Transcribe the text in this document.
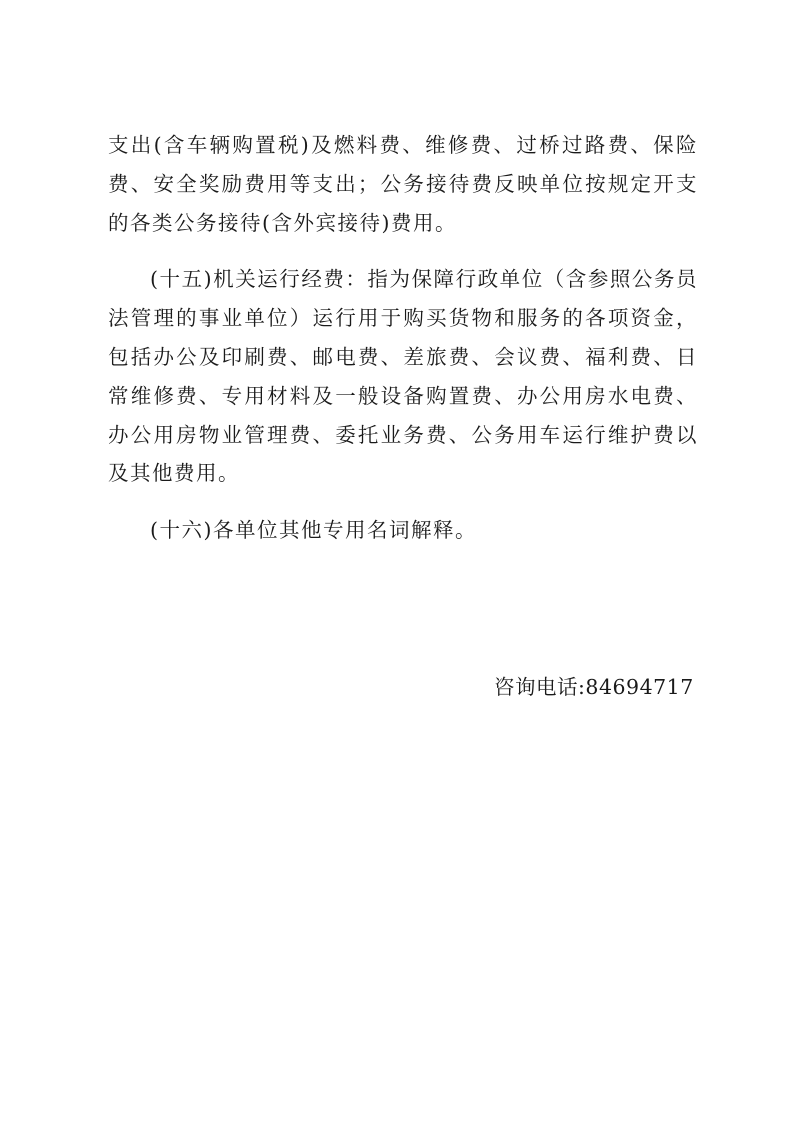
支出(含车辆购置税)及燃料费、维修费、过桥过路费、保险费、安全奖励费用等支出；公务接待费反映单位按规定开支的各类公务接待(含外宾接待)费用。

(十五)机关运行经费：指为保障行政单位（含参照公务员法管理的事业单位）运行用于购买货物和服务的各项资金，包括办公及印刷费、邮电费、差旅费、会议费、福利费、日常维修费、专用材料及一般设备购置费、办公用房水电费、办公用房物业管理费、委托业务费、公务用车运行维护费以及其他费用。

(十六)各单位其他专用名词解释。

咨询电话:84694717
